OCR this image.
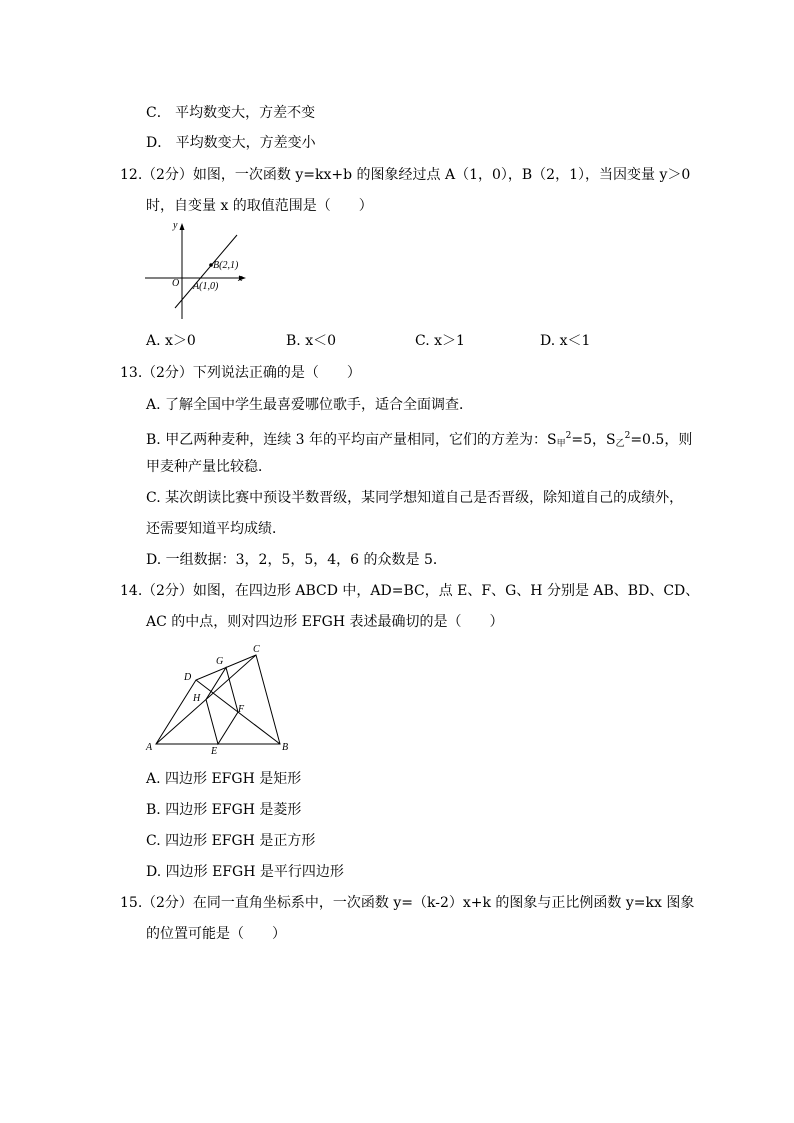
C． 平均数变大，方差不变
D． 平均数变大，方差变小
12. （2分）如图，一次函数 y=kx+b 的图象经过点 A（1，0），B（2，1），当因变量 y＞0
时，自变量 x 的取值范围是（　　）
y
x
O
B(2,1)
A(1,0)
A. x＞0	B. x＜0	C. x＞1	D. x＜1
13. （2分）下列说法正确的是（　　）
A. 了解全国中学生最喜爱哪位歌手，适合全面调查．
B. 甲乙两种麦种，连续 3 年的平均亩产量相同，它们的方差为：$S_甲^2=5$，$S_乙^2=0.5$，则
甲麦种产量比较稳．
C. 某次朗读比赛中预设半数晋级，某同学想知道自己是否晋级，除知道自己的成绩外，
还需要知道平均成绩．
D. 一组数据：3，2，5，5，4，6 的众数是 5．
14. （2分）如图，在四边形 ABCD 中，AD=BC，点 E、F、G、H 分别是 AB、BD、CD、
AC 的中点，则对四边形 EFGH 表述最确切的是（　　）
A	B
C
D
E
F
G
H
A. 四边形 EFGH 是矩形
B. 四边形 EFGH 是菱形
C. 四边形 EFGH 是正方形
D. 四边形 EFGH 是平行四边形
15. （2分）在同一直角坐标系中，一次函数 y=（k-2）x+k 的图象与正比例函数 y=kx 图象
的位置可能是（　　）
